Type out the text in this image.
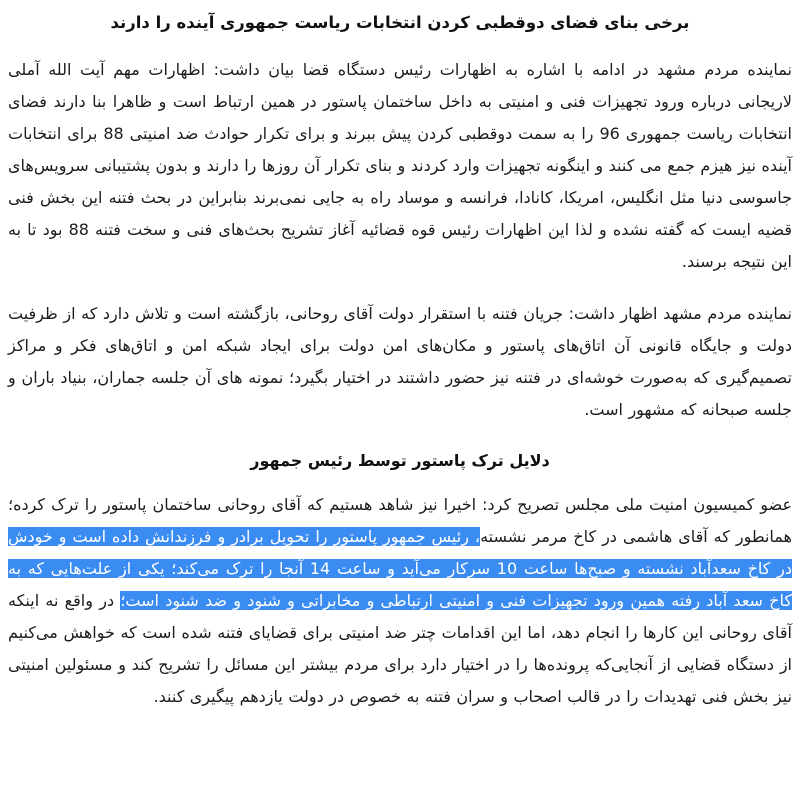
برخی بنای فضای دوقطبی کردن انتخابات ریاست جمهوری آینده را دارند

نماینده مردم مشهد در ادامه با اشاره به اظهارات رئیس دستگاه قضا بیان داشت: اظهارات مهم آیت الله آملی لاریجانی درباره ورود تجهیزات فنی و امنیتی به داخل ساختمان پاستور در همین ارتباط است و ظاهرا بنا دارند فضای انتخابات ریاست جمهوری 96 را به سمت دوقطبی کردن پیش ببرند و برای تکرار حوادث ضد امنیتی 88 برای انتخابات آینده نیز هیزم جمع می کنند و اینگونه تجهیزات وارد کردند و بنای تکرار آن روزها را دارند و بدون پشتیبانی سرویس‌های جاسوسی دنیا مثل انگلیس، امریکا، کانادا، فرانسه و موساد راه به جایی نمی‌برند بنابراین در بحث فتنه این بخش فنی قضیه ایست که گفته نشده و لذا این اظهارات رئیس قوه قضائیه آغاز تشریح بحث‌های فنی و سخت فتنه 88 بود تا به این نتیجه برسند.

نماینده مردم مشهد اظهار داشت: جریان فتنه با استقرار دولت آقای روحانی، بازگشته است و تلاش دارد که از ظرفیت دولت و جایگاه قانونی آن اتاق‌های پاستور و مکان‌های امن دولت برای ایجاد شبکه امن و اتاق‌های فکر و مراکز تصمیم‌گیری که به‌صورت خوشه‌ای در فتنه نیز حضور داشتند در اختیار بگیرد؛ نمونه های آن جلسه جماران، بنیاد باران و جلسه صبحانه که مشهور است.

دلایل ترک پاستور توسط رئیس جمهور

عضو کمیسیون امنیت ملی مجلس تصریح کرد: اخیرا نیز شاهد هستیم که آقای روحانی ساختمان پاستور را ترک کرده؛ همانطور که آقای هاشمی در کاخ مرمر نشسته، رئیس جمهور پاستور را تحویل برادر و فرزندانش داده است و خودش در کاخ سعدآباد نشسته و صبح‌ها ساعت 10 سرکار می‌آید و ساعت 14 آنجا را ترک می‌کند؛ یکی از علت‌هایی که به کاخ سعد آباد رفته همین ورود تجهیزات فنی و امنیتی ارتباطی و مخابراتی و شنود و ضد شنود است؛ در واقع نه اینکه آقای روحانی این کارها را انجام دهد، اما این اقدامات چتر ضد امنیتی برای قضایای فتنه شده است که خواهش می‌کنیم از دستگاه قضایی از آنجایی‌که پرونده‌ها را در اختیار دارد برای مردم بیشتر این مسائل را تشریح کند و مسئولین امنیتی نیز بخش فنی تهدیدات را در قالب اصحاب و سران فتنه به خصوص در دولت یازدهم پیگیری کنند.
